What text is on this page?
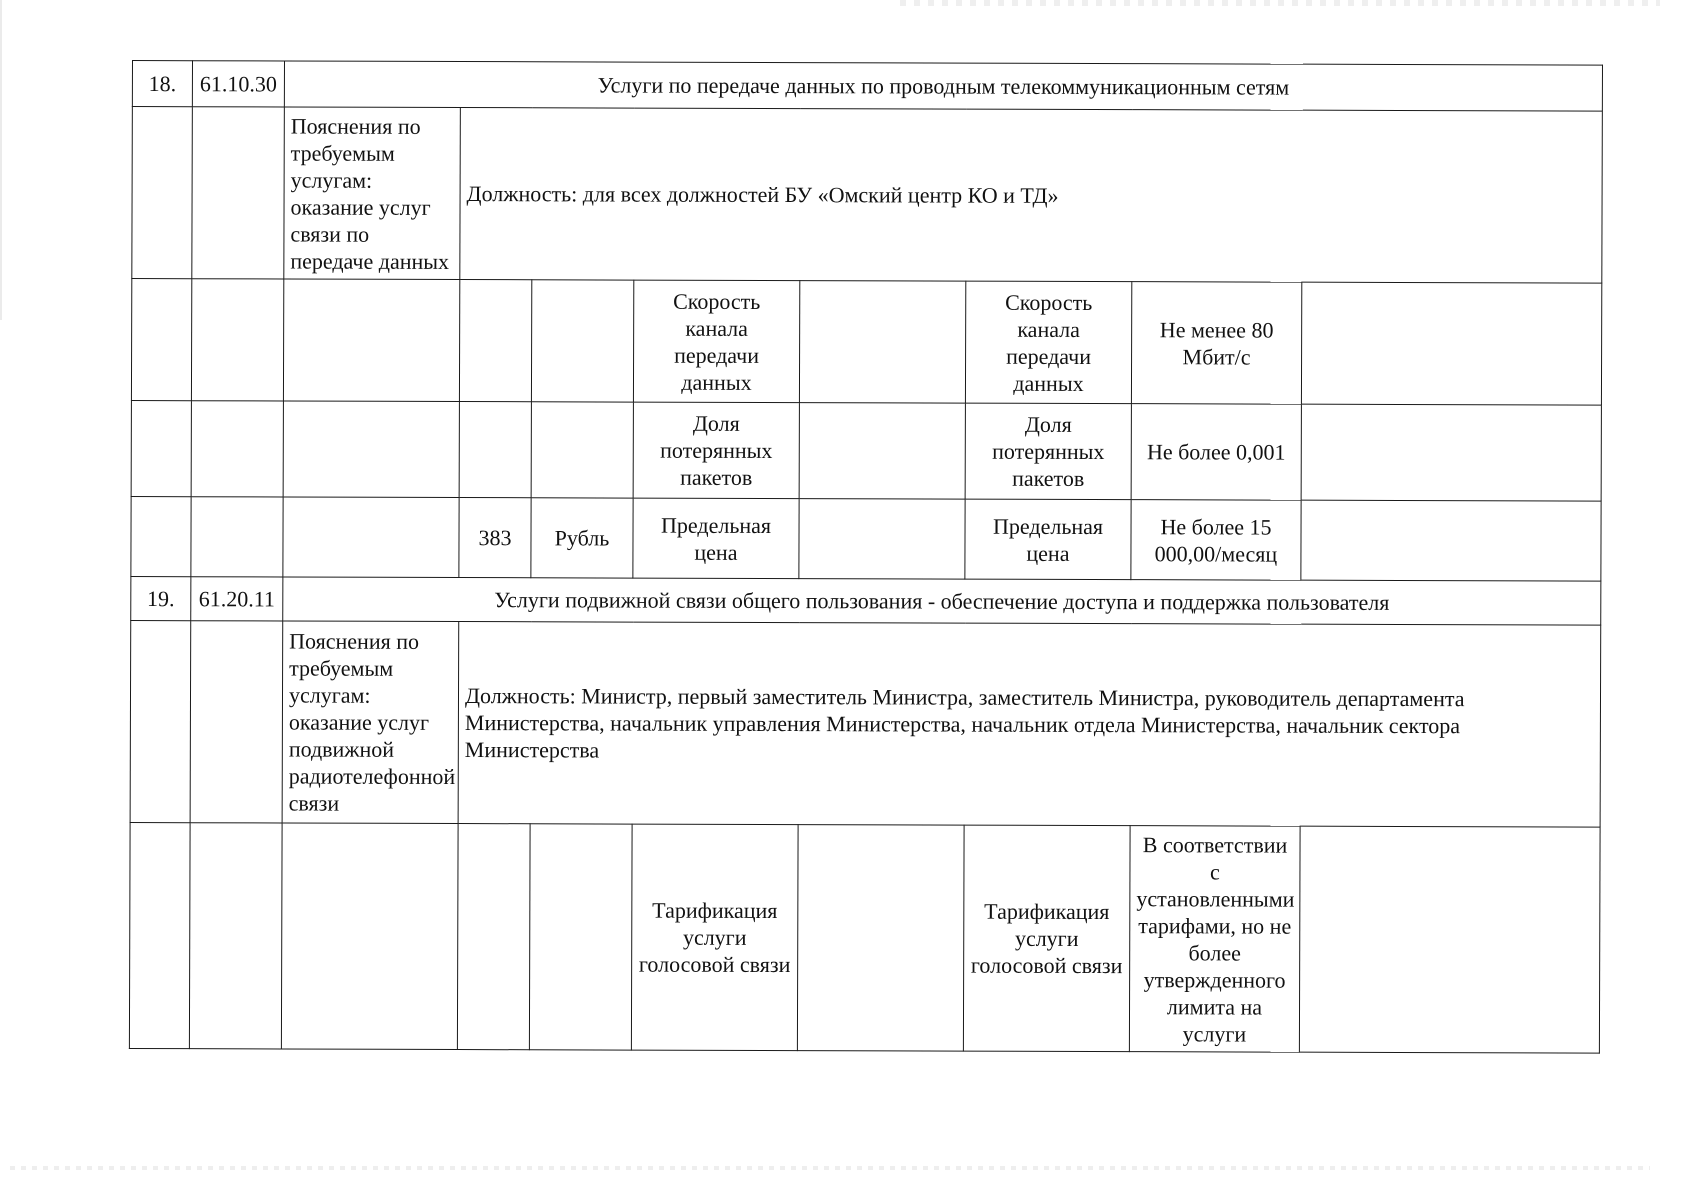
18.	61.10.30	Услуги по передаче данных по проводным телекоммуникационным сетям							
		Пояснения по требуемым услугам: оказание услуг связи по передаче данных	Должность: для всех должностей БУ «Омский центр КО и ТД»						
					Скорость канала передачи данных		Скорость канала передачи данных	Не менее 80 Мбит/с	
					Доля потерянных пакетов		Доля потерянных пакетов	Не более 0,001	
			383	Рубль	Предельная цена		Предельная цена	Не более 15 000,00/месяц	
19.	61.20.11	Услуги подвижной связи общего пользования - обеспечение доступа и поддержка пользователя							
		Пояснения по требуемым услугам: оказание услуг подвижной радиотелефонной связи	Должность: Министр, первый заместитель Министра, заместитель Министра, руководитель департамента Министерства, начальник управления Министерства, начальник отдела Министерства, начальник сектора Министерства						
					Тарификация услуги голосовой связи		Тарификация услуги голосовой связи	В соответствии с установленными тарифами, но не более утвержденного лимита на услуги	
